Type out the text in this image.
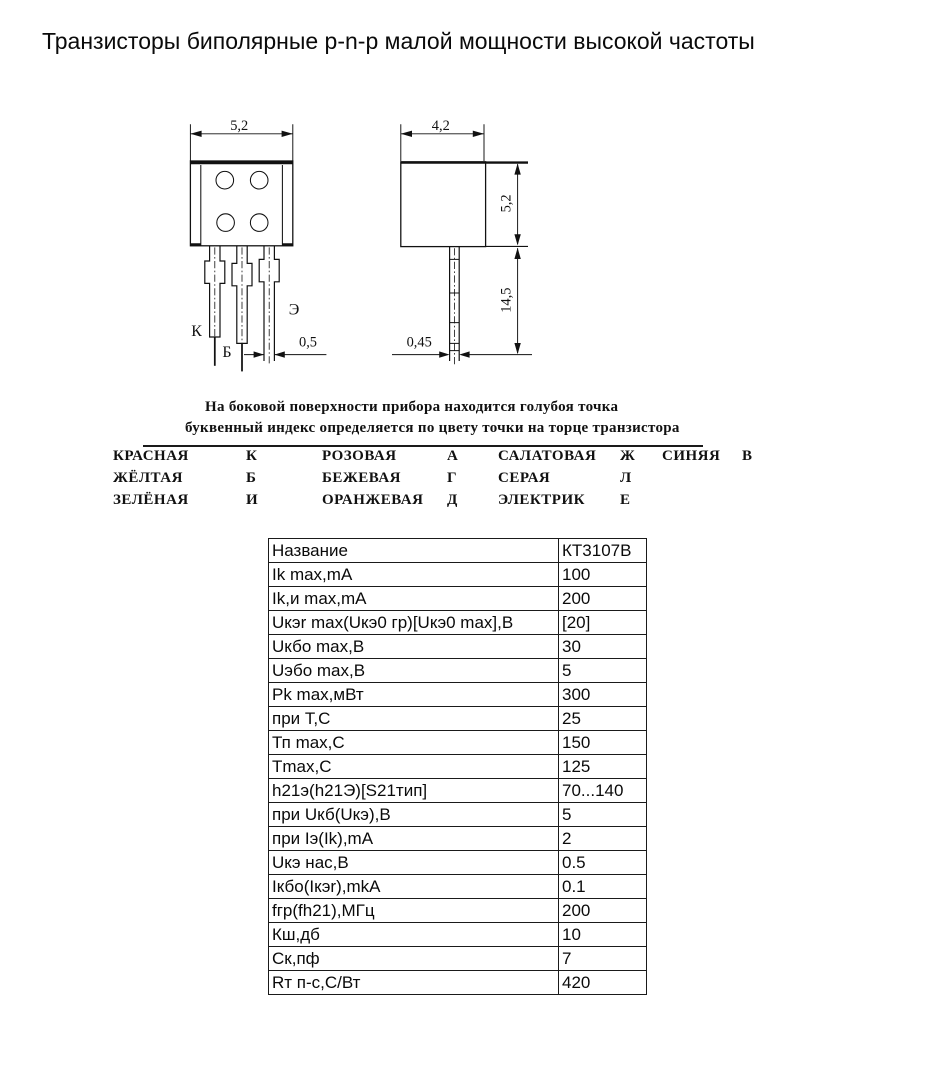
Транзисторы биполярные p-n-p малой мощности высокой частоты
5,2
0,5
К
Б
Э
4,2
5,2
14,5
0,45
На боковой поверхности прибора находится голубоя точка
буквенный индекс определяется по цвету точки на торце транзистора
КРАСНАЯ	К	РОЗОВАЯ	А	САЛАТОВАЯ Ж СИНЯЯ В
ЖЁЛТАЯ	Б	БЕЖЕВАЯ	Г	СЕРАЯ	Л
ЗЕЛЁНАЯ	И	ОРАНЖЕВАЯ Д	ЭЛЕКТРИК Е
Название	КТ3107В
Ik max,mA	100
Ik,и max,mA	200
Uкэr max(Uкэ0 гр)[Uкэ0 max],В	[20]
Uкбо max,В	30
Uэбо max,В	5
Pk max,мВт	300
при Т,С	25
Тп max,С	150
Tmax,С	125
h21э(h21Э)[S21тип]	70...140
при Uкб(Uкэ),В	5
при Iэ(Ik),mA	2
Uкэ нас,В	0.5
Iкбо(Iкэr),mkA	0.1
fгр(fh21),МГц	200
Кш,дб	10
Ск,пф	7
Rт п-с,С/Вт	420
